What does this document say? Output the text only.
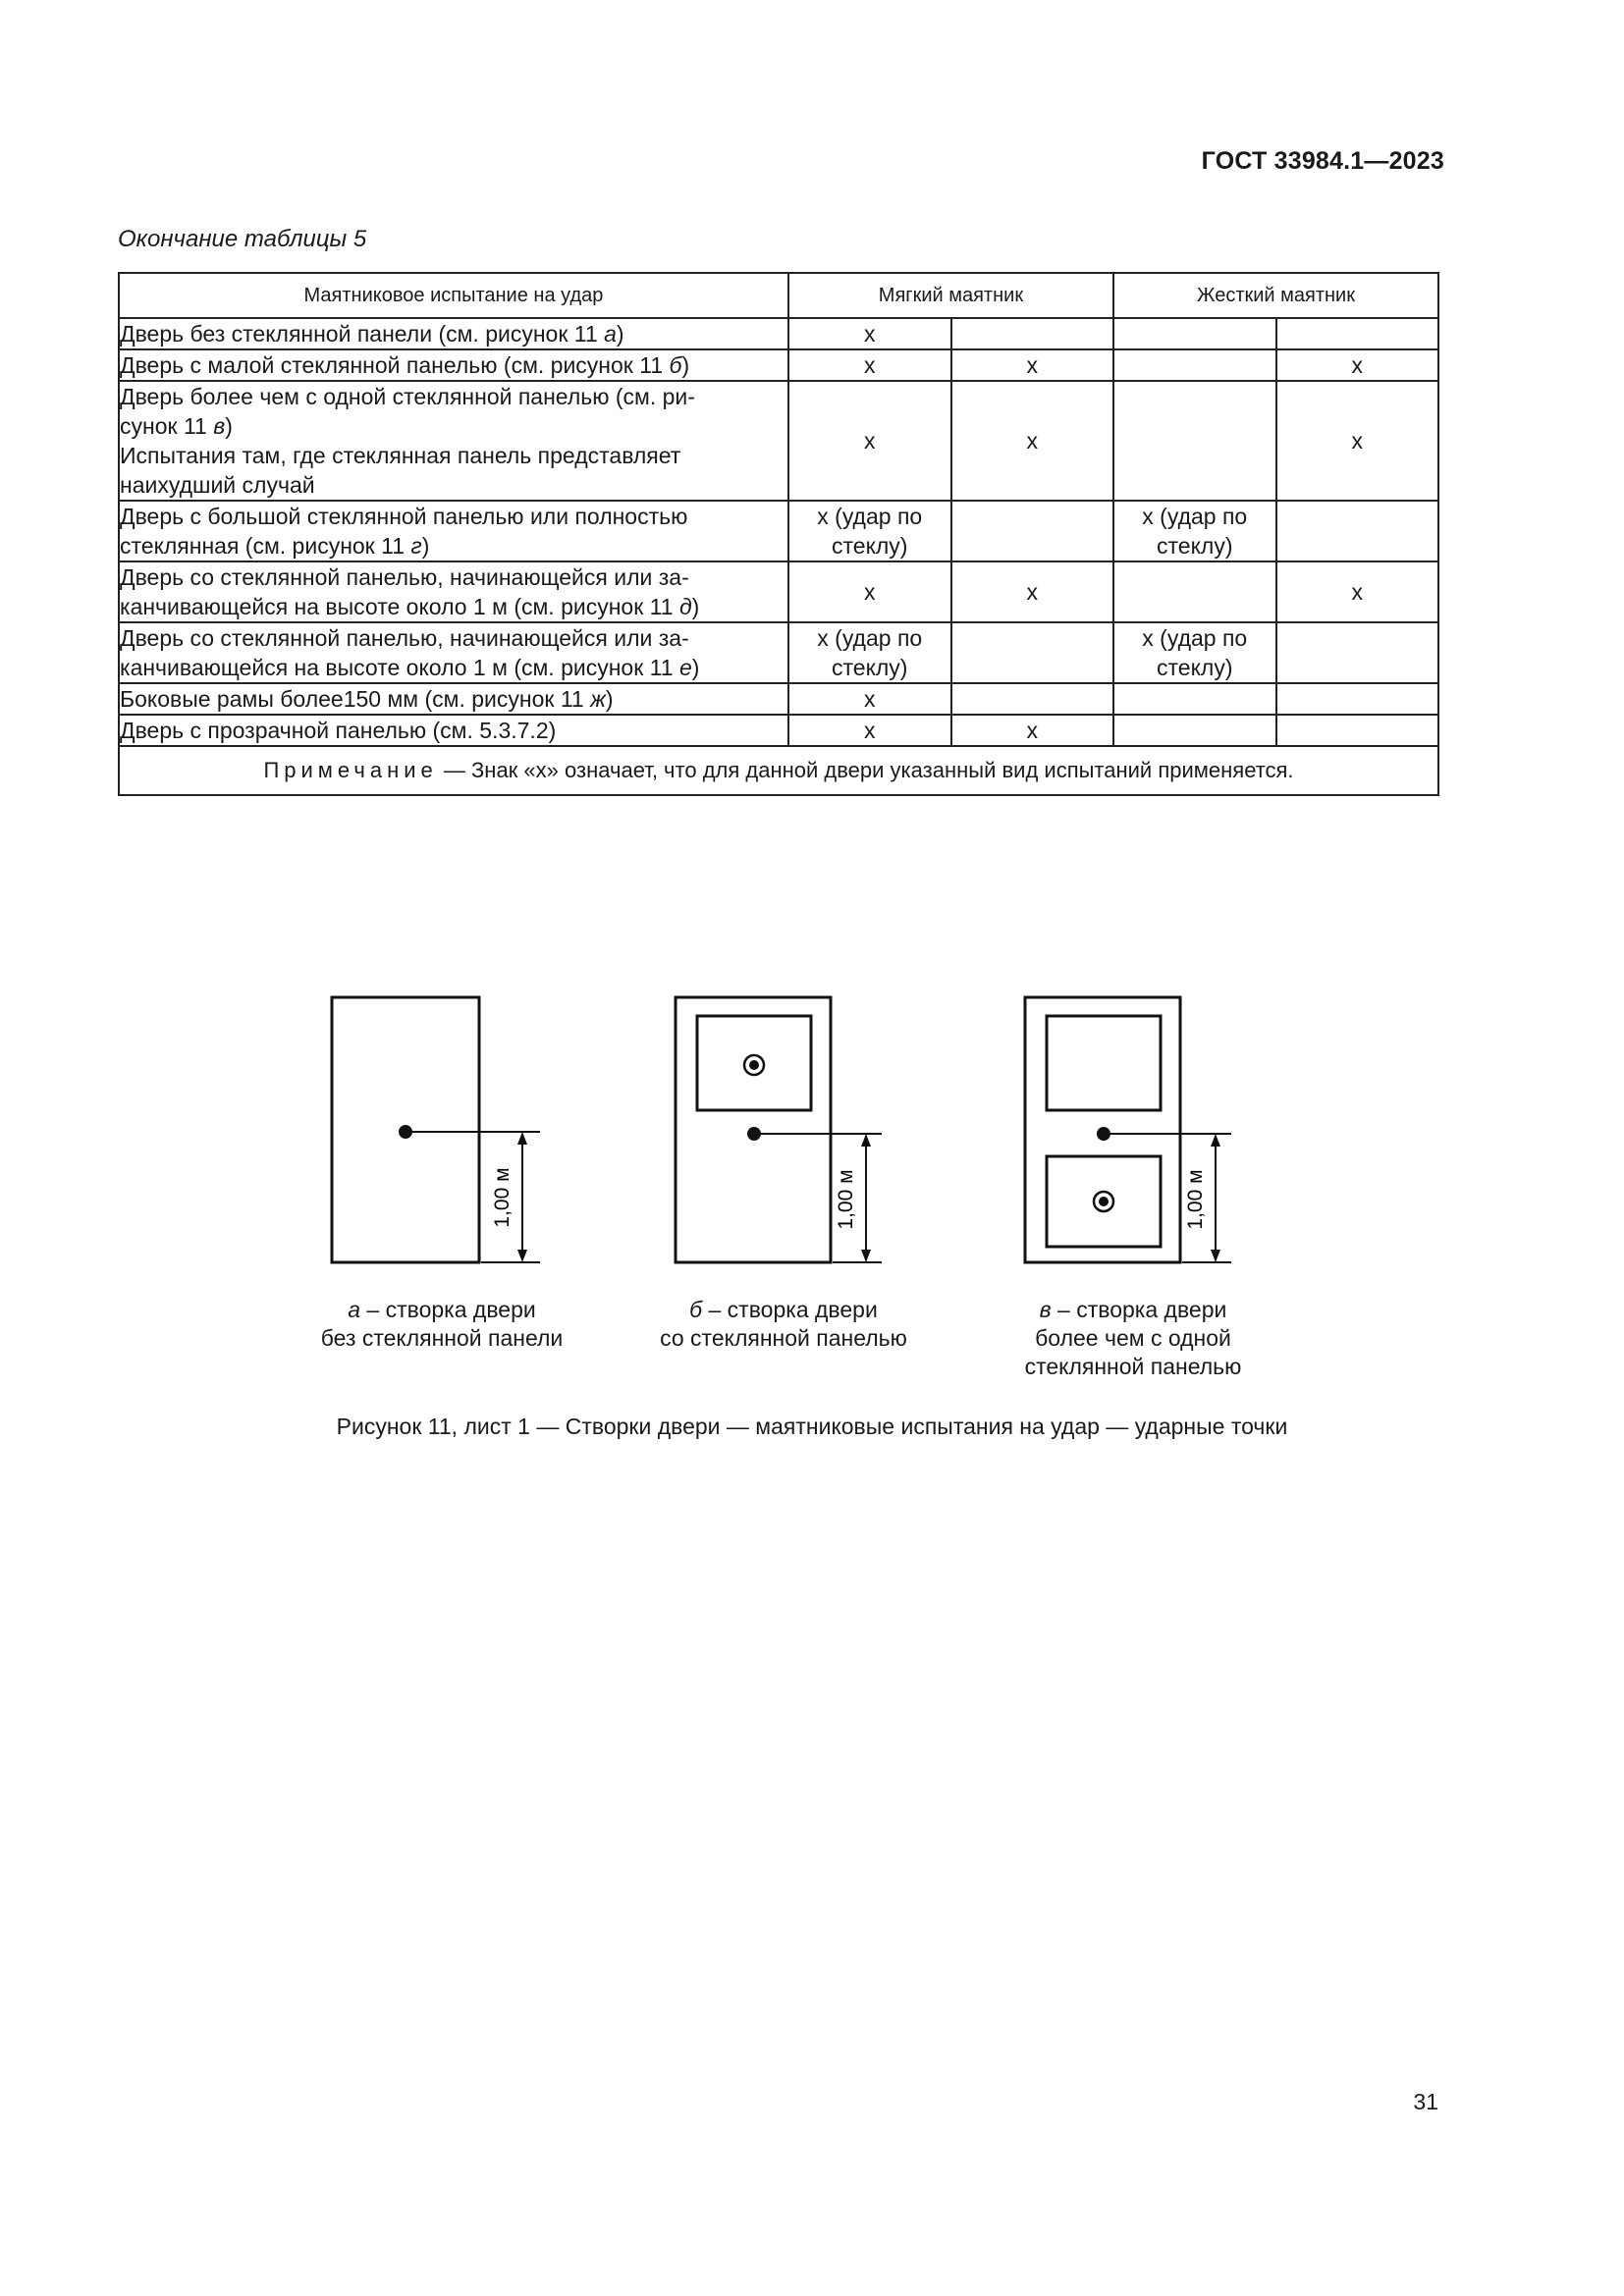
ГОСТ 33984.1—2023
Окончание таблицы 5
Маятниковое испытание на удар	Мягкий маятник		Жесткий маятник	
Дверь без стеклянной панели (см. рисунок 11 а)	x			
Дверь с малой стеклянной панелью (см. рисунок 11 б)	x	x		x
Дверь более чем с одной стеклянной панелью (см. ри-
сунок 11 в)
Испытания там, где стеклянная панель представляет
наихудший случай	x	x		x
Дверь с большой стеклянной панелью или полностью
стеклянная (см. рисунок 11 г)	x (удар по
стеклу)		x (удар по
стеклу)	
Дверь со стеклянной панелью, начинающейся или за-
канчивающейся на высоте около 1 м (см. рисунок 11 д)	x	x		x
Дверь со стеклянной панелью, начинающейся или за-
канчивающейся на высоте около 1 м (см. рисунок 11 е)	x (удар по
стеклу)		x (удар по
стеклу)	
Боковые рамы более150 мм (см. рисунок 11 ж)	x			
Дверь с прозрачной панелью (см. 5.3.7.2)	x	x		
Примечание — Знак «x» означает, что для данной двери указанный вид испытаний применяется.				
1,00 м
а – створка двери
без стеклянной панели
1,00 м
б – створка двери
со стеклянной панелью
1,00 м
в – створка двери
более чем с одной
стеклянной панелью
Рисунок 11, лист 1 — Створки двери — маятниковые испытания на удар — ударные точки
31
